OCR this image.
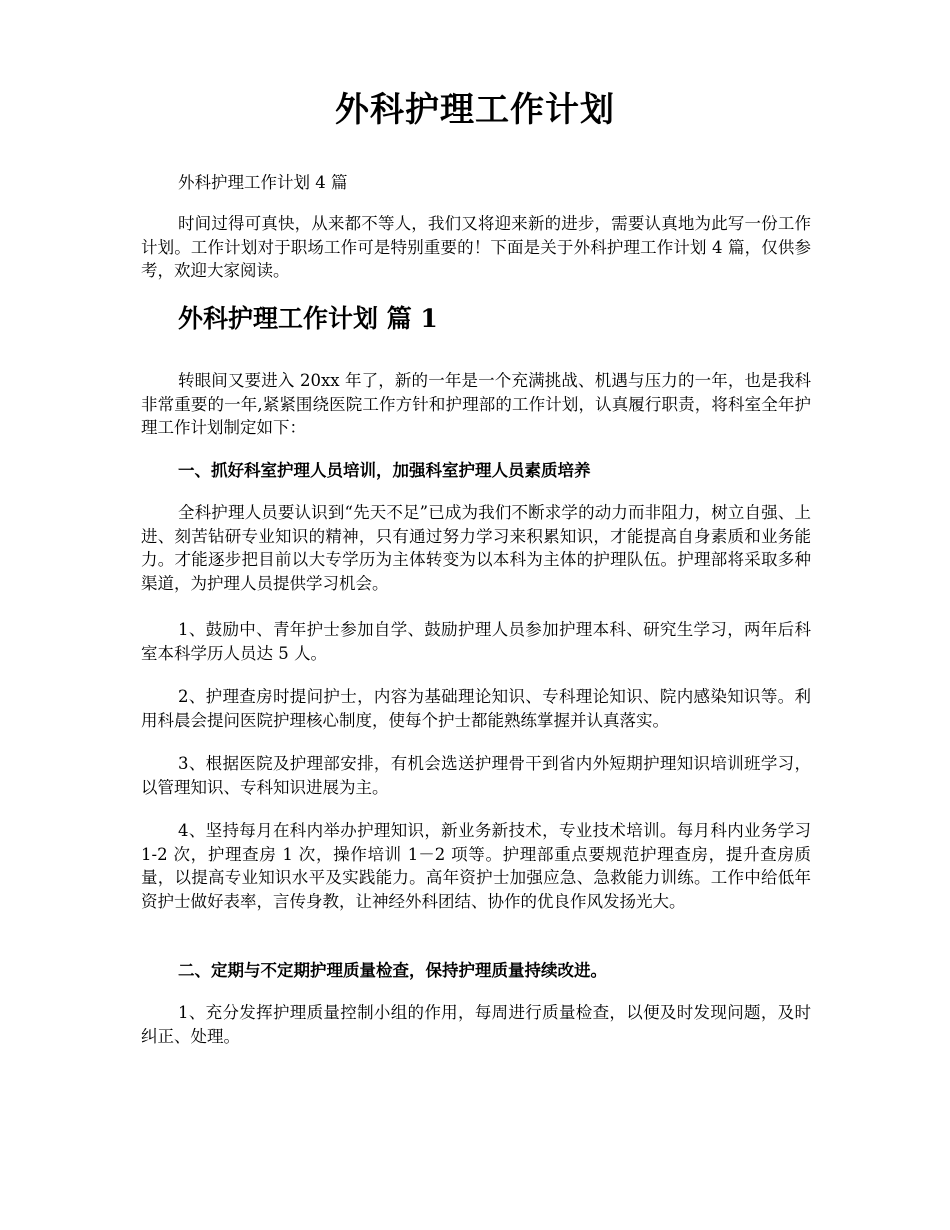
外科护理工作计划

外科护理工作计划 4 篇

时间过得可真快，从来都不等人，我们又将迎来新的进步，需要认真地为此写一份工作计划。工作计划对于职场工作可是特别重要的！下面是关于外科护理工作计划 4 篇，仅供参考，欢迎大家阅读。

外科护理工作计划 篇 1

转眼间又要进入 20xx 年了，新的一年是一个充满挑战、机遇与压力的一年，也是我科非常重要的一年,紧紧围绕医院工作方针和护理部的工作计划，认真履行职责，将科室全年护理工作计划制定如下：

一、抓好科室护理人员培训，加强科室护理人员素质培养

全科护理人员要认识到“先天不足”已成为我们不断求学的动力而非阻力，树立自强、上进、刻苦钻研专业知识的精神，只有通过努力学习来积累知识，才能提高自身素质和业务能力。才能逐步把目前以大专学历为主体转变为以本科为主体的护理队伍。护理部将采取多种渠道，为护理人员提供学习机会。

1、鼓励中、青年护士参加自学、鼓励护理人员参加护理本科、研究生学习，两年后科室本科学历人员达 5 人。

2、护理查房时提问护士，内容为基础理论知识、专科理论知识、院内感染知识等。利用科晨会提问医院护理核心制度，使每个护士都能熟练掌握并认真落实。

3、根据医院及护理部安排，有机会选送护理骨干到省内外短期护理知识培训班学习，以管理知识、专科知识进展为主。

4、坚持每月在科内举办护理知识，新业务新技术，专业技术培训。每月科内业务学习 1-2 次，护理查房 1 次，操作培训 1－2 项等。护理部重点要规范护理查房，提升查房质量，以提高专业知识水平及实践能力。高年资护士加强应急、急救能力训练。工作中给低年资护士做好表率，言传身教，让神经外科团结、协作的优良作风发扬光大。

二、定期与不定期护理质量检查，保持护理质量持续改进。

1、充分发挥护理质量控制小组的作用，每周进行质量检查，以便及时发现问题，及时纠正、处理。
